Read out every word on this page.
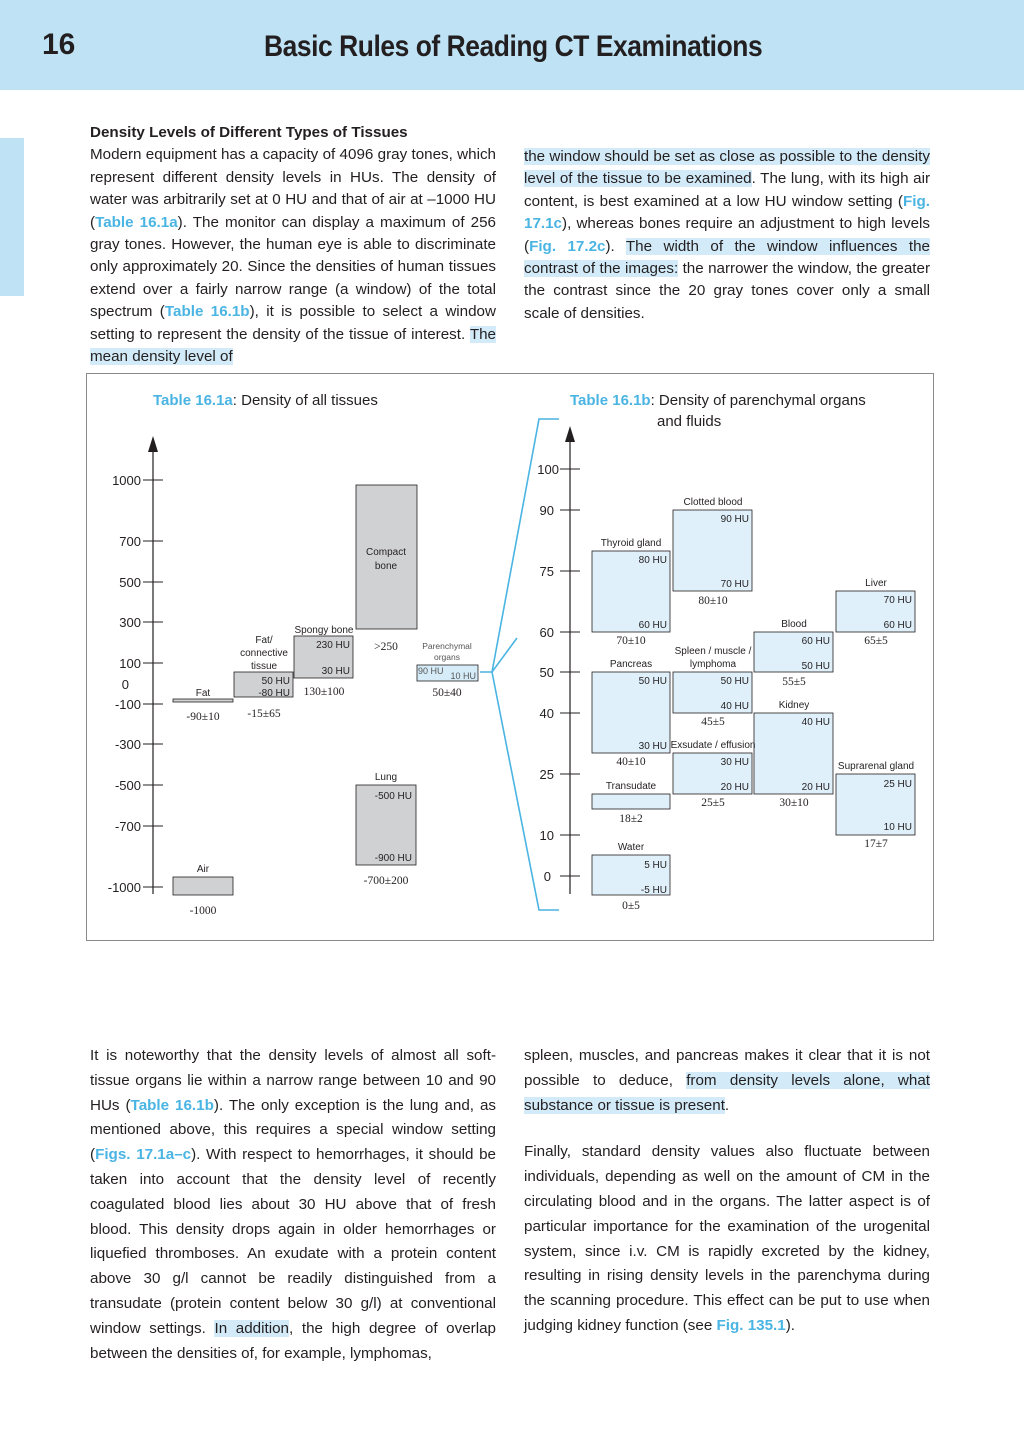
16	Basic Rules of Reading CT Examinations

Density Levels of Different Types of Tissues
Modern equipment has a capacity of 4096 gray tones, which represent different density levels in HUs. The density of water was arbitrarily set at 0 HU and that of air at –1000 HU (Table 16.1a). The monitor can display a maximum of 256 gray tones. However, the human eye is able to discriminate only approximately 20. Since the densities of human tissues extend over a fairly narrow range (a window) of the total spectrum (Table 16.1b), it is possible to select a window setting to represent the density of the tissue of interest. The mean density level of

the window should be set as close as possible to the density level of the tissue to be examined. The lung, with its high air content, is best examined at a low HU window setting (Fig. 17.1c), whereas bones require an adjustment to high levels (Fig. 17.2c). The width of the window influences the contrast of the images: the narrower the window, the greater the contrast since the 20 gray tones cover only a small scale of densities.

Table 16.1a: Density of all tissues	Table 16.1b: Density of parenchymal organs
and fluids
1000
700
500
300
100
0
-100
-300
-500
-700
-1000
Fat
-90±10
Fat/
connective
tissue
50 HU
-80 HU
-15±65
Spongy bone
230 HU
30 HU
130±100
Compact
bone
>250	Parenchymal
organs
90 HU 10 HU
50±40
Lung
-500 HU
-900 HU
-700±200
Air
-1000
100
90
75
60
50
40
25
10
0
Thyroid gland
80 HU
60 HU
70±10
Clotted blood
90 HU
70 HU
80±10
Liver
70 HU
60 HU
65±5
Blood
60 HU
50 HU
55±5
Spleen / muscle /
lymphoma
50 HU
40 HU
45±5
Pancreas
50 HU
30 HU
40±10
Kidney
40 HU
20 HU
30±10
Exsudate / effusion
30 HU
20 HU
25±5
Transudate
18±2
Suprarenal gland
25 HU
10 HU
17±7
Water
5 HU
-5 HU
0±5

It is noteworthy that the density levels of almost all soft-tissue organs lie within a narrow range between 10 and 90 HUs (Table 16.1b). The only exception is the lung and, as mentioned above, this requires a special window setting (Figs. 17.1a–c). With respect to hemorrhages, it should be taken into account that the density level of recently coagulated blood lies about 30 HU above that of fresh blood. This density drops again in older hemorrhages or liquefied thromboses. An exudate with a protein content above 30 g/l cannot be readily distinguished from a transudate (protein content below 30 g/l) at conventional window settings. In addition, the high degree of overlap between the densities of, for example, lymphomas,

spleen, muscles, and pancreas makes it clear that it is not possible to deduce, from density levels alone, what substance or tissue is present.

Finally, standard density values also fluctuate between individuals, depending as well on the amount of CM in the circulating blood and in the organs. The latter aspect is of particular importance for the examination of the urogenital system, since i.v. CM is rapidly excreted by the kidney, resulting in rising density levels in the parenchyma during the scanning procedure. This effect can be put to use when judging kidney function (see Fig. 135.1).
